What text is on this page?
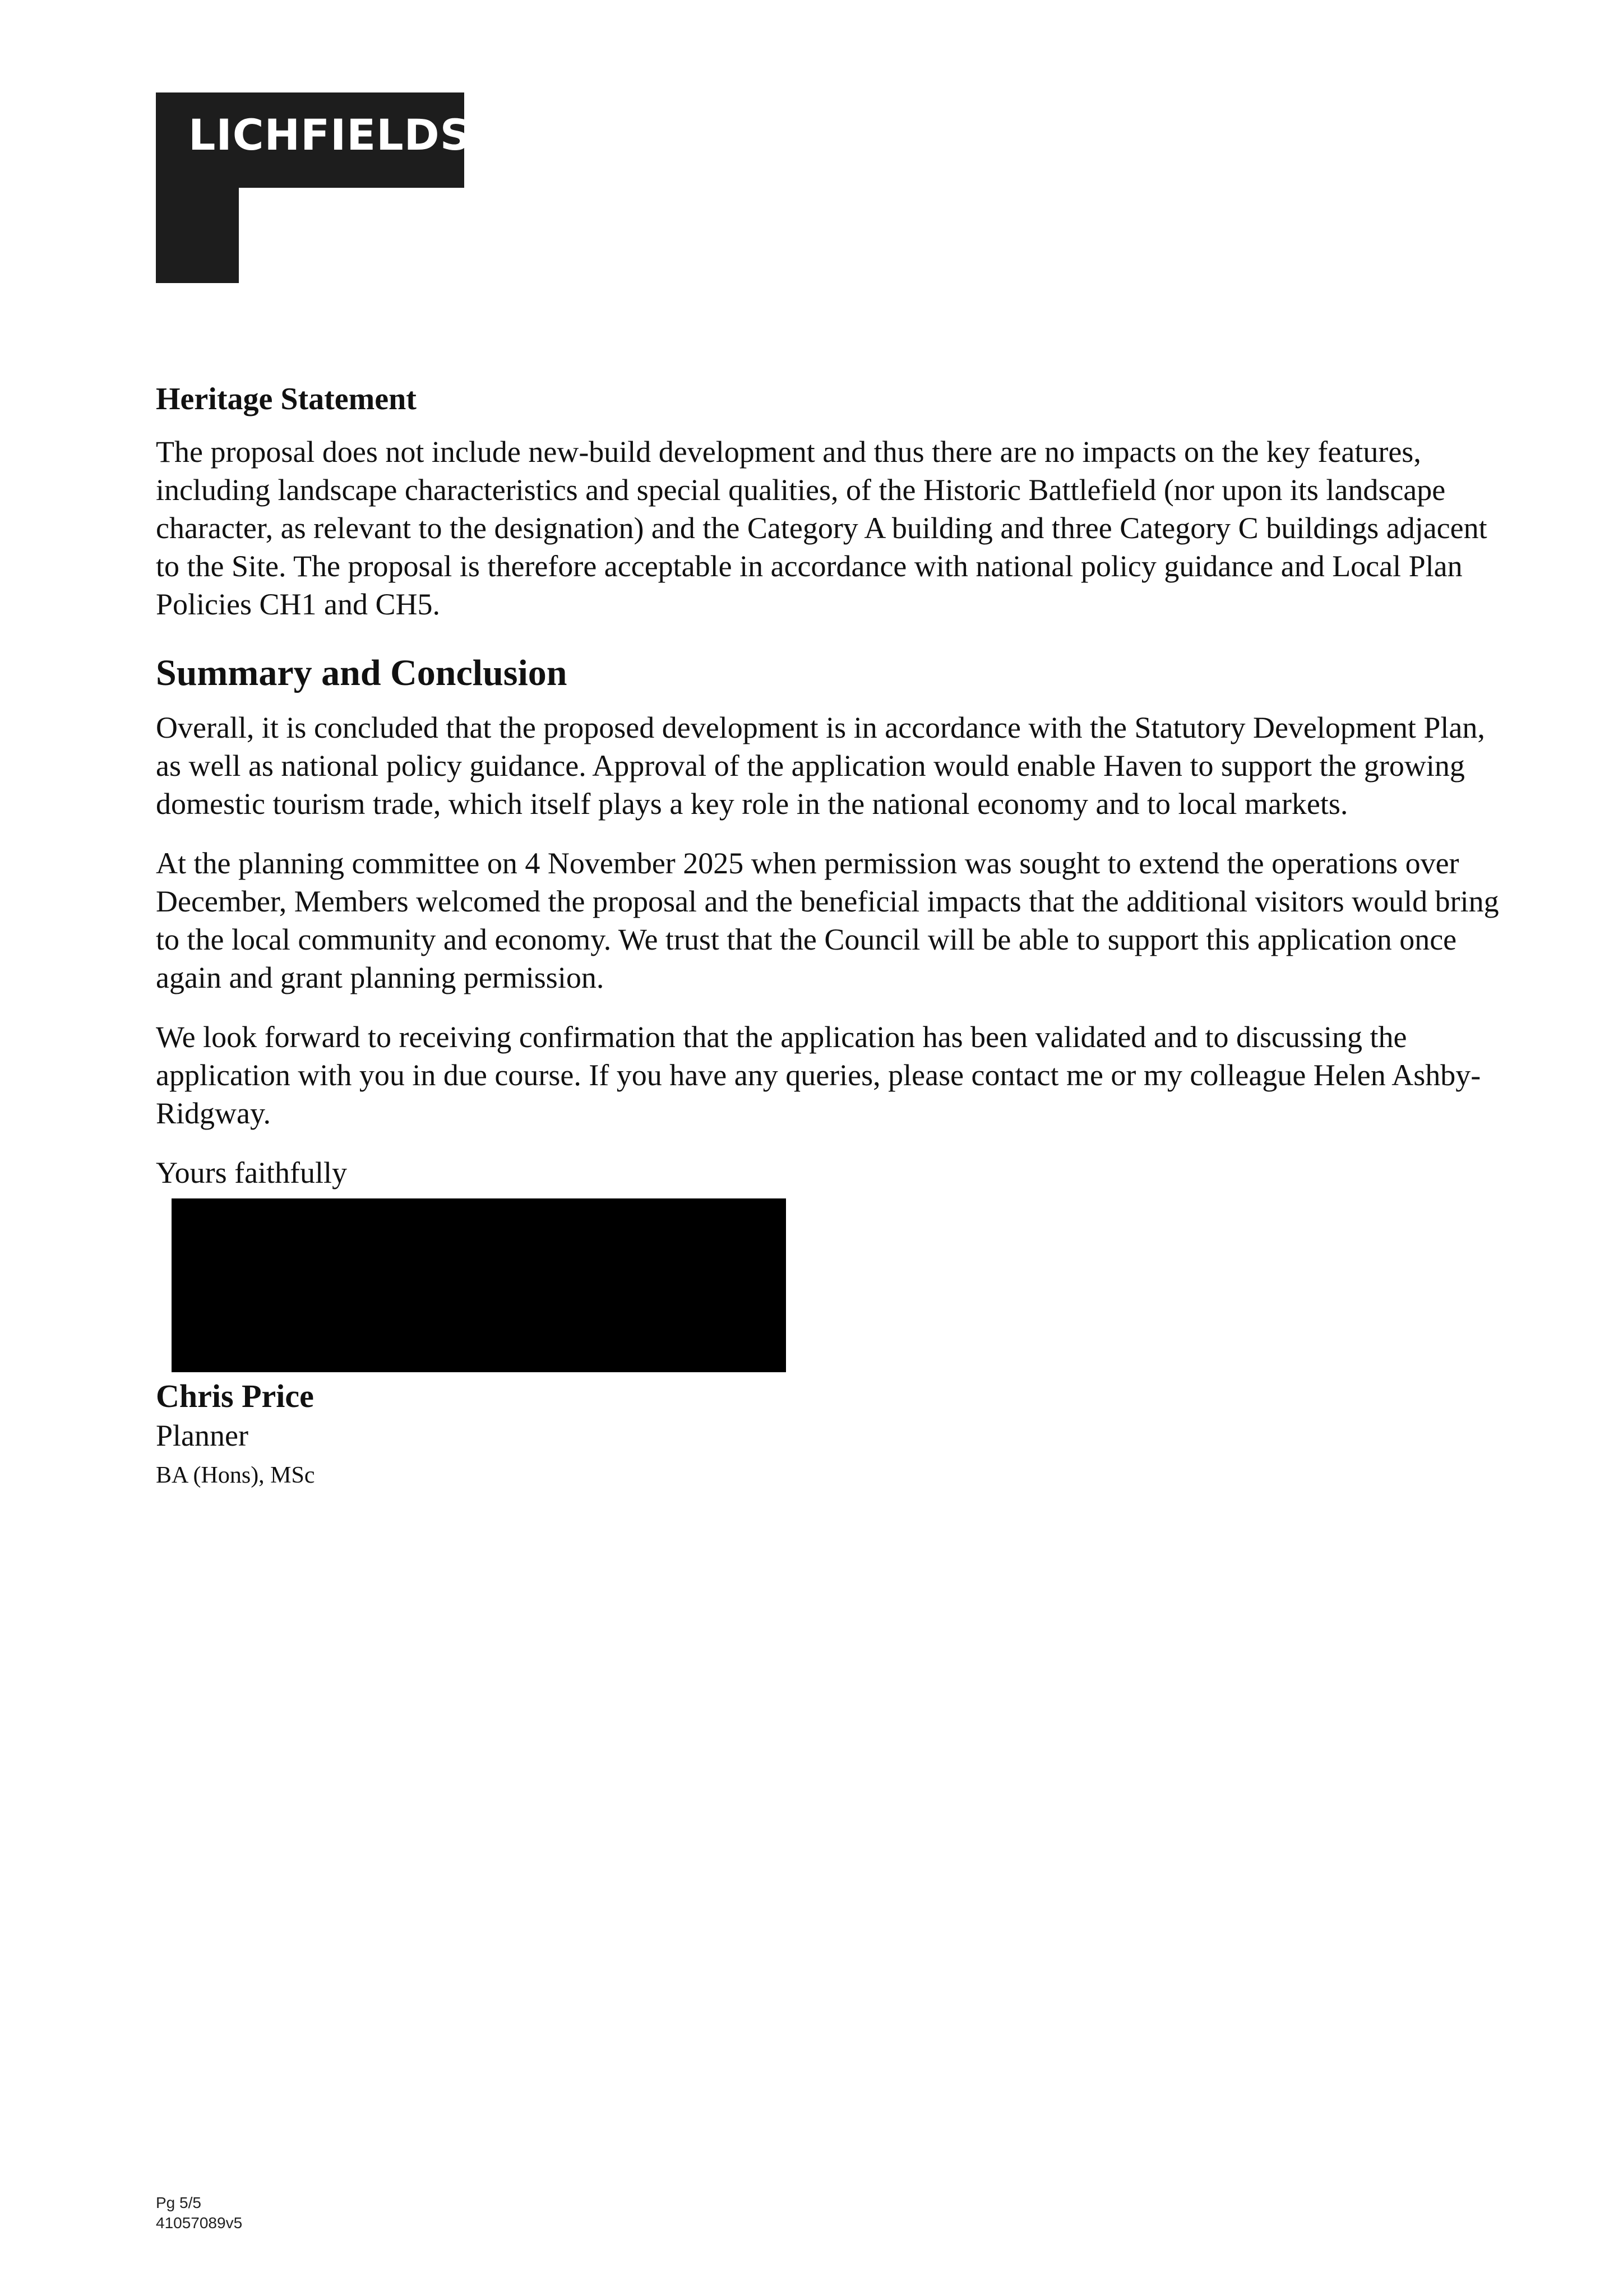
LICHFIELDS
Heritage Statement

The proposal does not include new-build development and thus there are no impacts on the key features, including landscape characteristics and special qualities, of the Historic Battlefield (nor upon its landscape character, as relevant to the designation) and the Category A building and three Category C buildings adjacent to the Site. The proposal is therefore acceptable in accordance with national policy guidance and Local Plan Policies CH1 and CH5.

Summary and Conclusion

Overall, it is concluded that the proposed development is in accordance with the Statutory Development Plan, as well as national policy guidance. Approval of the application would enable Haven to support the growing domestic tourism trade, which itself plays a key role in the national economy and to local markets.

At the planning committee on 4 November 2025 when permission was sought to extend the operations over December, Members welcomed the proposal and the beneficial impacts that the additional visitors would bring to the local community and economy. We trust that the Council will be able to support this application once again and grant planning permission.

We look forward to receiving confirmation that the application has been validated and to discussing the application with you in due course. If you have any queries, please contact me or my colleague Helen Ashby-Ridgway.

Yours faithfully

Chris Price
Planner
BA (Hons), MSc
Pg 5/5
41057089v5
